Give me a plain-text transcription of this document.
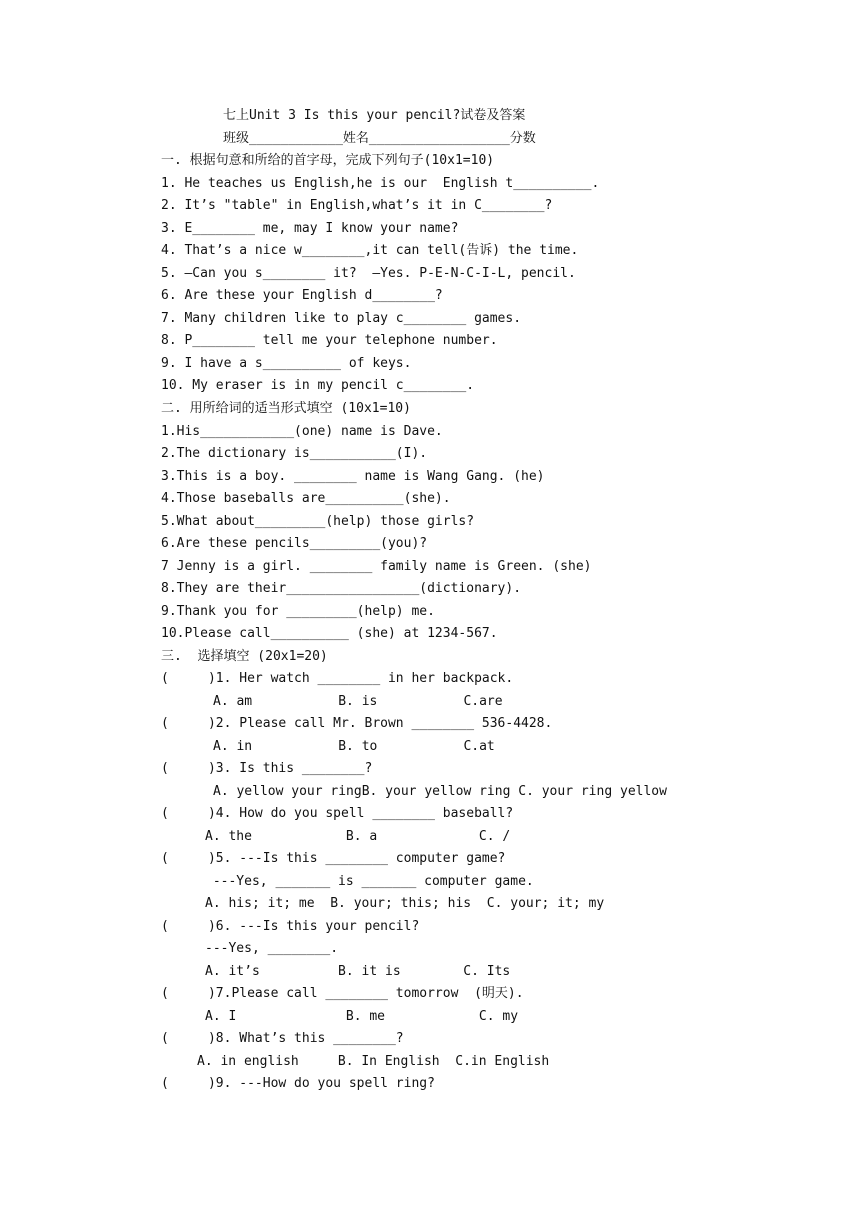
七上Unit 3 Is this your pencil?试卷及答案
班级____________姓名__________________分数
一. 根据句意和所给的首字母，完成下列句子(10x1=10)
1. He teaches us English,he is our  English t__________.
2. It’s "table" in English,what’s it in C________?
3. E________ me, may I know your name?
4. That’s a nice w________,it can tell(告诉) the time.
5. —Can you s________ it?  —Yes. P-E-N-C-I-L, pencil.
6. Are these your English d________?
7. Many children like to play c________ games.
8. P________ tell me your telephone number.
9. I have a s__________ of keys.
10. My eraser is in my pencil c________.
二. 用所给词的适当形式填空 (10x1=10)
1.His____________(one) name is Dave.
2.The dictionary is___________(I).
3.This is a boy. ________ name is Wang Gang. (he)
4.Those baseballs are__________(she).
5.What about_________(help) those girls?
6.Are these pencils_________(you)?
7 Jenny is a girl. ________ family name is Green. (she)
8.They are their_________________(dictionary).
9.Thank you for _________(help) me.
10.Please call__________ (she) at 1234-567.
三.  选择填空 (20x1=20)
(     )1. Her watch ________ in her backpack.
A. am           B. is           C.are
(     )2. Please call Mr. Brown ________ 536-4428.
A. in           B. to           C.at
(     )3. Is this ________?
A. yellow your ringB. your yellow ring C. your ring yellow
(     )4. How do you spell ________ baseball?
A. the            B. a             C. /
(     )5. ---Is this ________ computer game?
---Yes, _______ is _______ computer game.
A. his; it; me  B. your; this; his  C. your; it; my
(     )6. ---Is this your pencil?
---Yes, ________.
A. it’s          B. it is        C. Its
(     )7.Please call ________ tomorrow  (明天).
A. I              B. me            C. my
(     )8. What’s this ________?
A. in english     B. In English  C.in English
(     )9. ---How do you spell ring?
